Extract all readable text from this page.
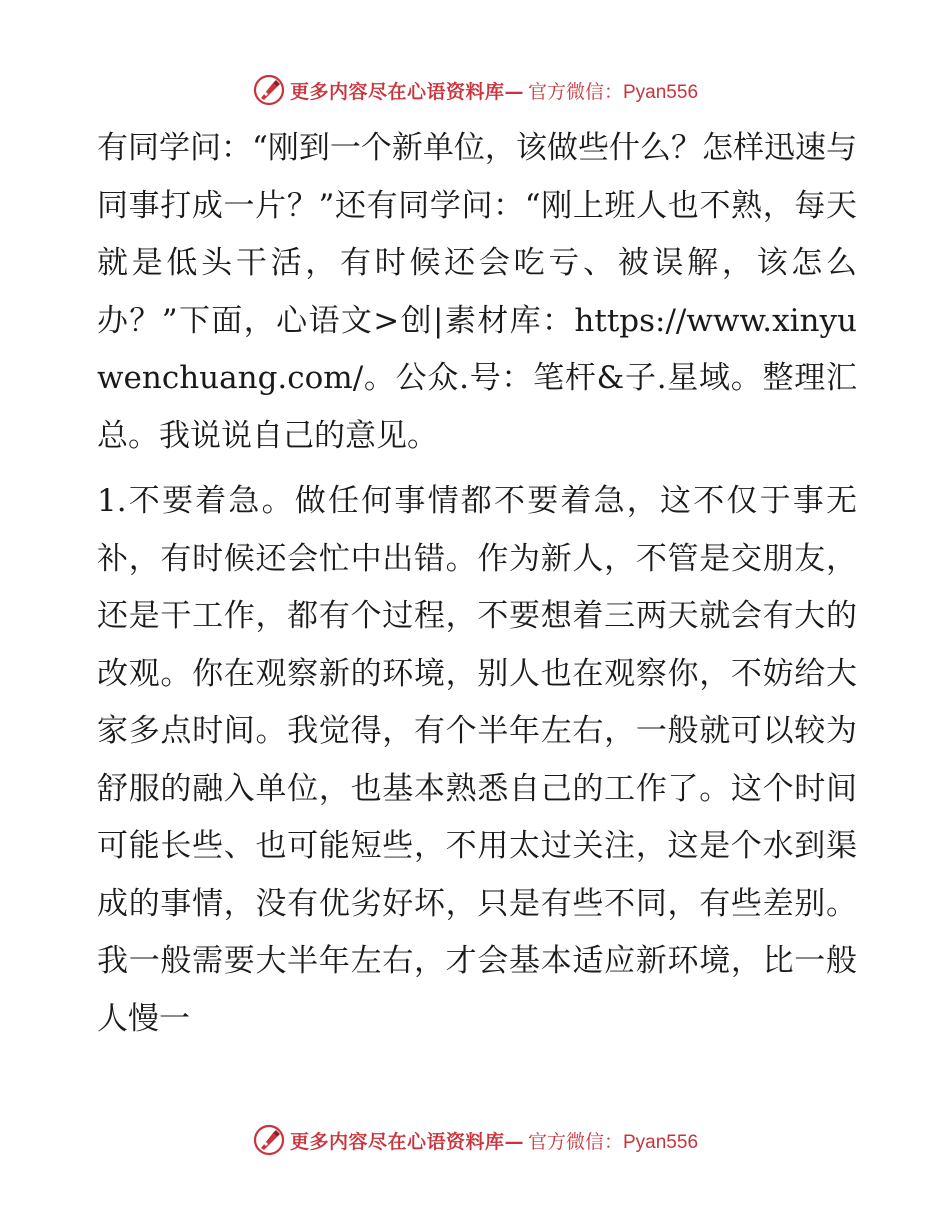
更多内容尽在心语资料库— 官方微信：Pyan556

有同学问：“刚到一个新单位，该做些什么？怎样迅速与同事打成一片？”还有同学问：“刚上班人也不熟，每天就是低头干活，有时候还会吃亏、被误解，该怎么办？”下面，心语文>创|素材库：https://www.xinyuwenchuang.com/。公众.号：笔杆&子.星域。整理汇总。我说说自己的意见。

1.不要着急。做任何事情都不要着急，这不仅于事无补，有时候还会忙中出错。作为新人，不管是交朋友，还是干工作，都有个过程，不要想着三两天就会有大的改观。你在观察新的环境，别人也在观察你，不妨给大家多点时间。我觉得，有个半年左右，一般就可以较为舒服的融入单位，也基本熟悉自己的工作了。这个时间可能长些、也可能短些，不用太过关注，这是个水到渠成的事情，没有优劣好坏，只是有些不同，有些差别。我一般需要大半年左右，才会基本适应新环境，比一般人慢一

更多内容尽在心语资料库— 官方微信：Pyan556
